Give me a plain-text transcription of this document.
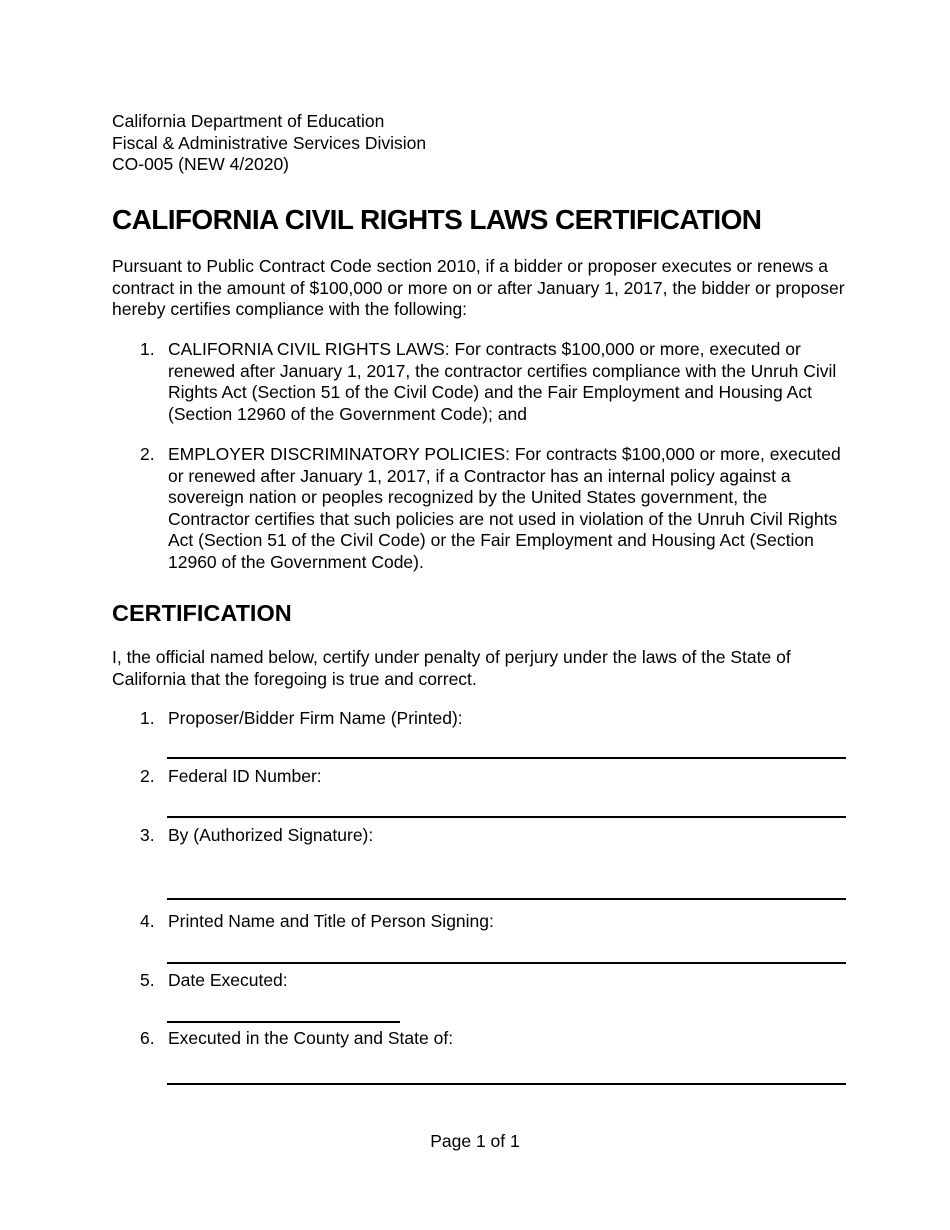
California Department of Education
Fiscal & Administrative Services Division
CO-005 (NEW 4/2020)
CALIFORNIA CIVIL RIGHTS LAWS CERTIFICATION
Pursuant to Public Contract Code section 2010, if a bidder or proposer executes or renews a contract in the amount of $100,000 or more on or after January 1, 2017, the bidder or proposer hereby certifies compliance with the following:
1. CALIFORNIA CIVIL RIGHTS LAWS: For contracts $100,000 or more, executed or renewed after January 1, 2017, the contractor certifies compliance with the Unruh Civil Rights Act (Section 51 of the Civil Code) and the Fair Employment and Housing Act (Section 12960 of the Government Code); and
2. EMPLOYER DISCRIMINATORY POLICIES: For contracts $100,000 or more, executed or renewed after January 1, 2017, if a Contractor has an internal policy against a sovereign nation or peoples recognized by the United States government, the Contractor certifies that such policies are not used in violation of the Unruh Civil Rights Act (Section 51 of the Civil Code) or the Fair Employment and Housing Act (Section 12960 of the Government Code).
CERTIFICATION
I, the official named below, certify under penalty of perjury under the laws of the State of California that the foregoing is true and correct.
1. Proposer/Bidder Firm Name (Printed):
2. Federal ID Number:
3. By (Authorized Signature):
4. Printed Name and Title of Person Signing:
5. Date Executed:
6. Executed in the County and State of:
Page 1 of 1
